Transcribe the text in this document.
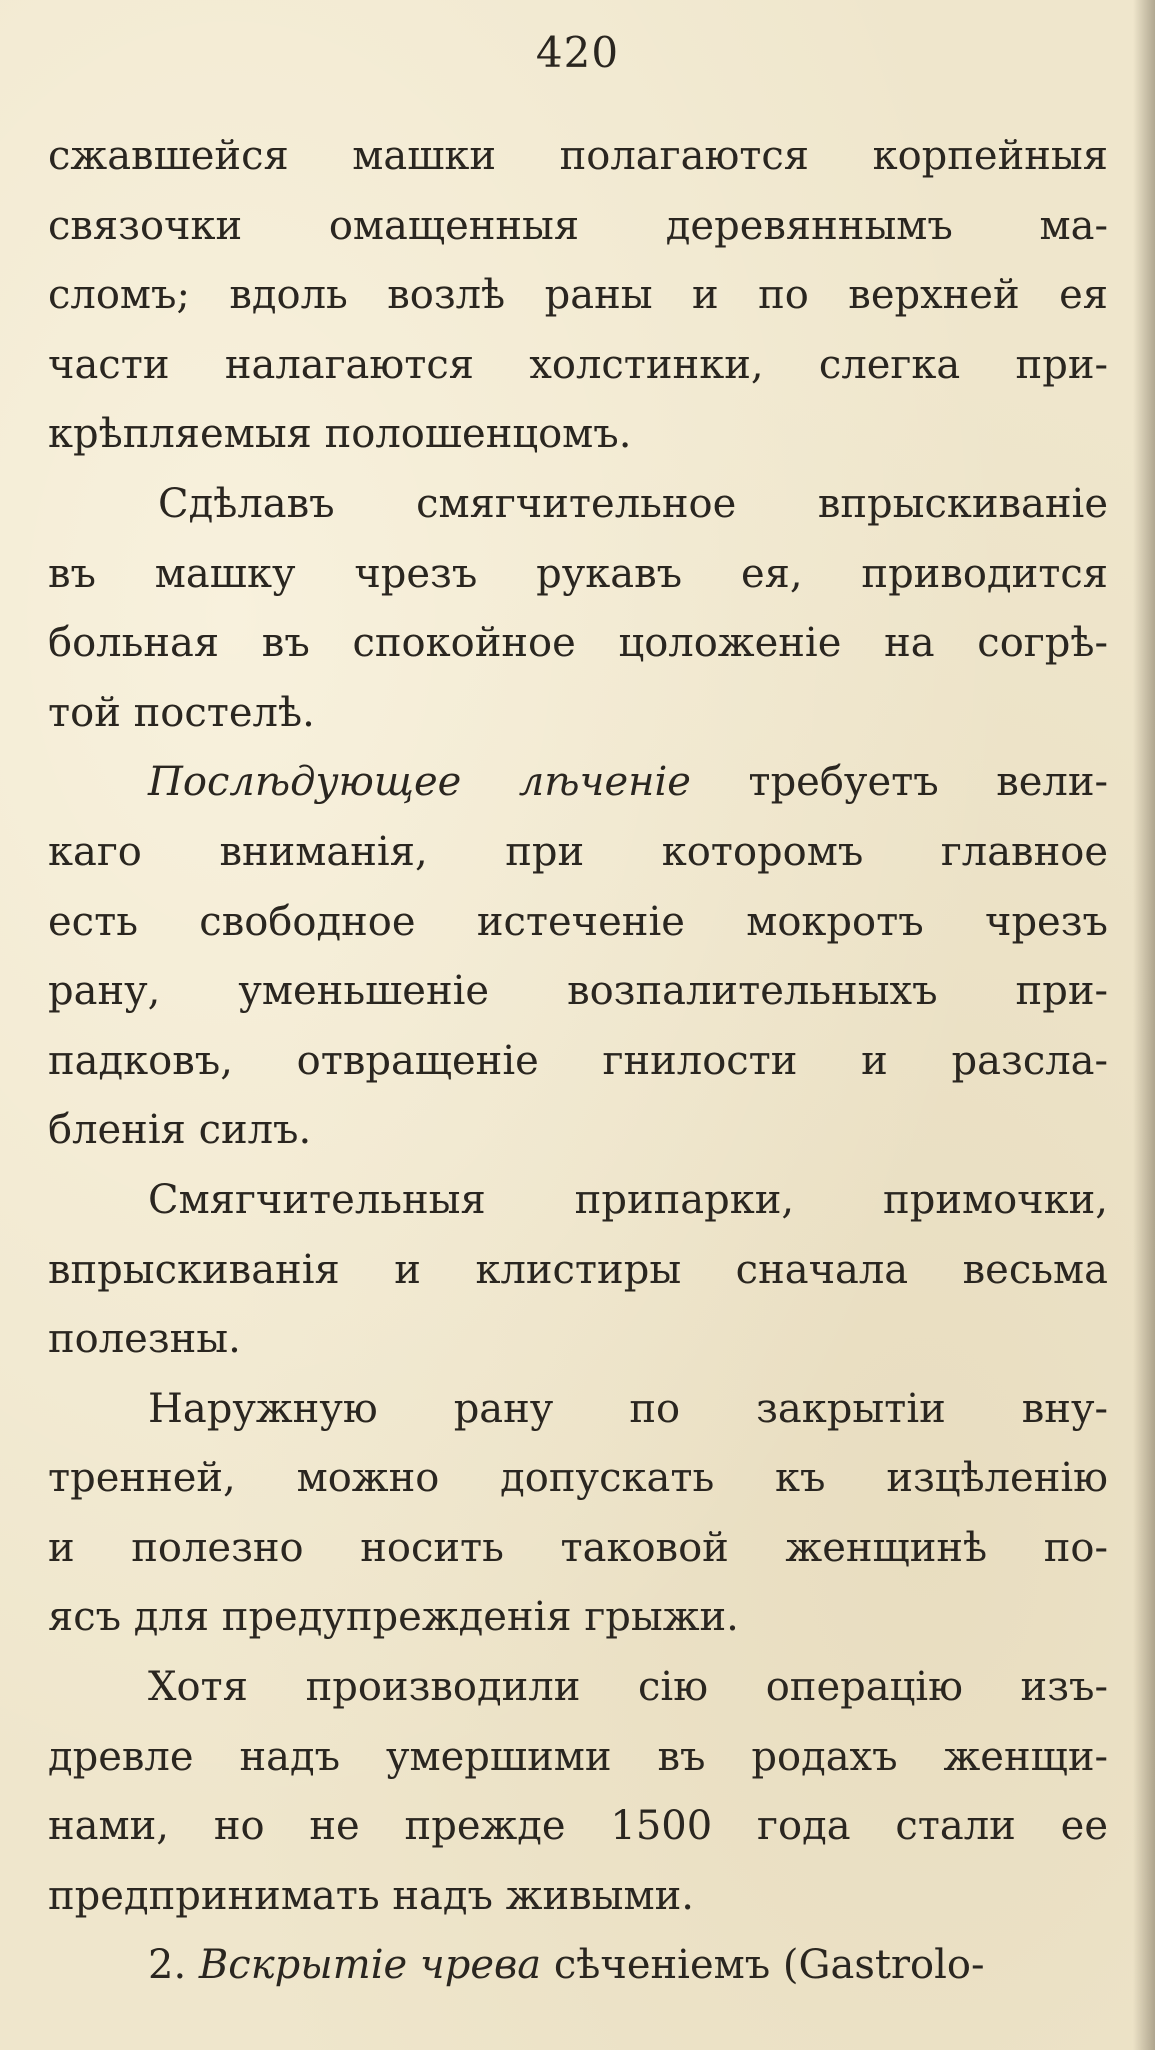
420
сжавшейся машки полагаются корпейныя
связочки омащенныя деревяннымъ ма-
сломъ; вдоль возлѣ раны и по верхней ея
части налагаются холстинки, слегка при-
крѣпляемыя полошенцомъ.
Сдѣлавъ смягчительное впрыскиваніе
въ машку чрезъ рукавъ ея, приводится
больная въ спокойное цоложеніе на согрѣ-
той постелѣ.
Послѣдующее лѣченіе требуетъ вели-
каго вниманія, при которомъ главное
есть свободное истеченіе мокротъ чрезъ
рану, уменьшеніе возпалительныхъ при-
падковъ, отвращеніе гнилости и разсла-
бленія силъ.
Смягчительныя припарки, примочки,
впрыскиванія и клистиры сначала весьма
полезны.
Наружную рану по закрытіи вну-
тренней, можно допускать къ изцѣленію
и полезно носить таковой женщинѣ по-
ясъ для предупрежденія грыжи.
Хотя производили сію операцію изъ-
древле надъ умершими въ родахъ женщи-
нами, но не прежде 1500 года стали ее
предпринимать надъ живыми.
2. Вскрытіе чрева сѣченіемъ (Gastrolo-
